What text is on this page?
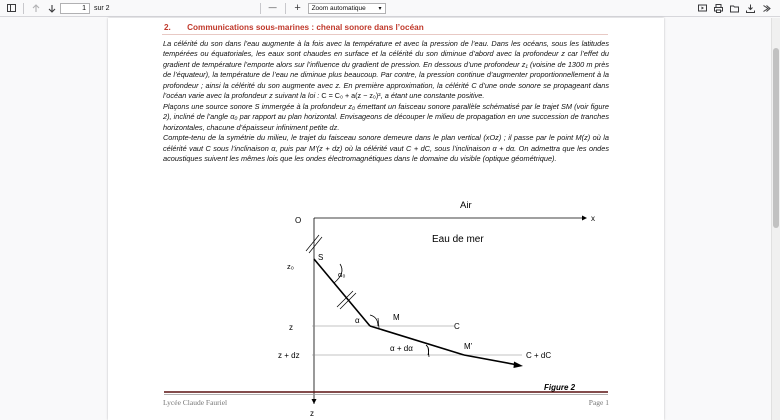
1
sur 2	—	+	Zoom automatique ▾
2. Communications sous-marines : chenal sonore dans l’océan

La célérité du son dans l’eau augmente à la fois avec la température et avec la pression de l’eau. Dans les océans, sous les latitudes tempérées ou équatoriales, les eaux sont chaudes en surface et la célérité du son diminue d’abord avec la profondeur z car l’effet du gradient de température l’emporte alors sur l’influence du gradient de pression. En dessous d’une profondeur z₁ (voisine de 1300 m près de l’équateur), la température de l’eau ne diminue plus beaucoup. Par contre, la pression continue d’augmenter proportionnellement à la profondeur ; ainsi la célérité du son augmente avec z. En première approximation, la célérité C d’une onde sonore se propageant dans l’océan varie avec la profondeur z suivant la loi : C = C₀ + a(z − z₀)², a étant une constante positive.

Plaçons une source sonore S immergée à la profondeur z₀ émettant un faisceau sonore parallèle schématisé par le trajet SM (voir figure 2), incliné de l’angle α₀ par rapport au plan horizontal. Envisageons de découper le milieu de propagation en une succession de tranches horizontales, chacune d’épaisseur infiniment petite dz.

Compte-tenu de la symétrie du milieu, le trajet du faisceau sonore demeure dans le plan vertical (xOz) ; il passe par le point M(z) où la célérité vaut C sous l’inclinaison α, puis par M’(z + dz) où la célérité vaut C + dC, sous l’inclinaison α + dα. On admettra que les ondes acoustiques suivent les mêmes lois que les ondes électromagnétiques dans le domaine du visible (optique géométrique).

Air
Eau de mer
O	x
z
z₀
S
α₀
z
α	M
C
z + dz
α + dα	M’
C + dC
Figure 2
Lycée Claude Fauriel	Page 1
